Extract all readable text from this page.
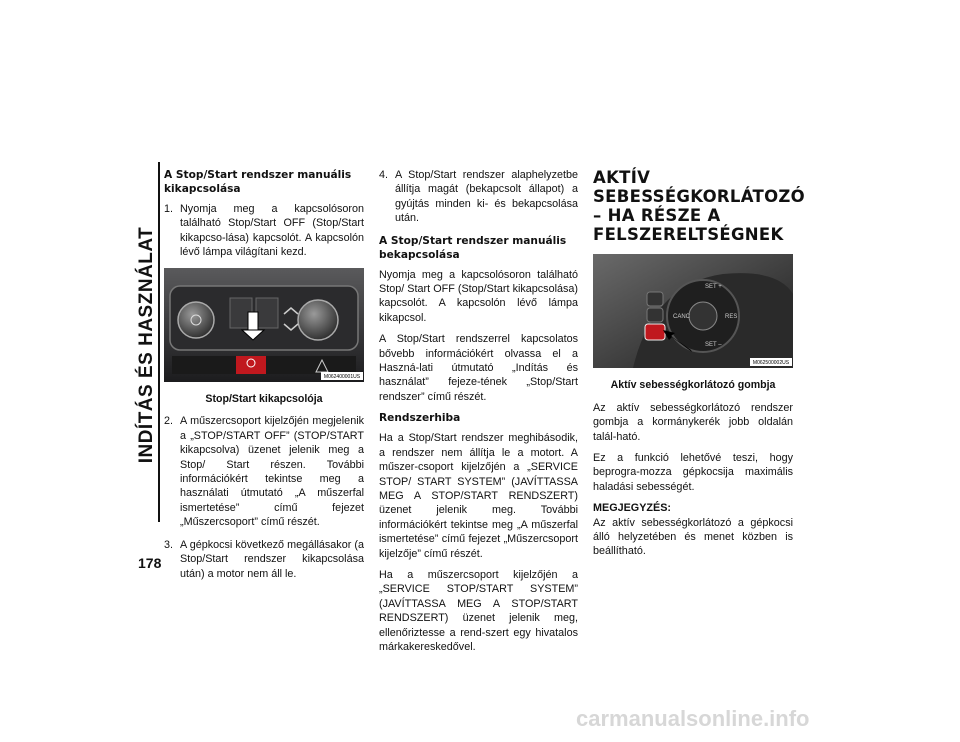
INDÍTÁS ÉS HASZNÁLAT
178
A Stop/Start rendszer manuális kikapcsolása
1. Nyomja meg a kapcsolósoron található Stop/Start OFF (Stop/Start kikapcso-lása) kapcsolót. A kapcsolón lévő lámpa világítani kezd.
M062400001US
Stop/Start kikapcsolója
2. A műszercsoport kijelzőjén megjelenik a „STOP/START OFF” (STOP/START kikapcsolva) üzenet jelenik meg a Stop/ Start részen. További információkért tekintse meg a használati útmutató „A műszerfal ismertetése” című fejezet „Műszercsoport” című részét.
3. A gépkocsi következő megállásakor (a Stop/Start rendszer kikapcsolása után) a motor nem áll le.
4. A Stop/Start rendszer alaphelyzetbe állítja magát (bekapcsolt állapot) a gyújtás minden ki- és bekapcsolása után.
A Stop/Start rendszer manuális bekapcsolása

Nyomja meg a kapcsolósoron található Stop/ Start OFF (Stop/Start kikapcsolása) kapcsolót. A kapcsolón lévő lámpa kikapcsol.

A Stop/Start rendszerrel kapcsolatos bővebb információkért olvassa el a Haszná-lati útmutató „Indítás és használat” fejeze-tének „Stop/Start rendszer” című részét.

Rendszerhiba

Ha a Stop/Start rendszer meghibásodik, a rendszer nem állítja le a motort. A műszer-csoport kijelzőjén a „SERVICE STOP/ START SYSTEM” (JAVÍTTASSA MEG A STOP/START RENDSZERT) üzenet jelenik meg. További információkért tekintse meg „A műszerfal ismertetése” című fejezet „Műszercsoport kijelzője” című részét.

Ha a műszercsoport kijelzőjén a „SERVICE STOP/START SYSTEM” (JAVÍTTASSA MEG A STOP/START RENDSZERT) üzenet jelenik meg, ellenőriztesse a rend-szert egy hivatalos márkakereskedővel.

AKTÍV SEBESSÉGKORLÁTOZÓ – HA RÉSZE A FELSZERELTSÉGNEK
SET +
SET –
CANC	RES
M062500002US
Aktív sebességkorlátozó gombja

Az aktív sebességkorlátozó rendszer gombja a kormánykerék jobb oldalán talál-ható.

Ez a funkció lehetővé teszi, hogy beprogra-mozza gépkocsija maximális haladási sebességét.

MEGJEGYZÉS:

Az aktív sebességkorlátozó a gépkocsi álló helyzetében és menet közben is beállítható.

carmanualsonline.info
